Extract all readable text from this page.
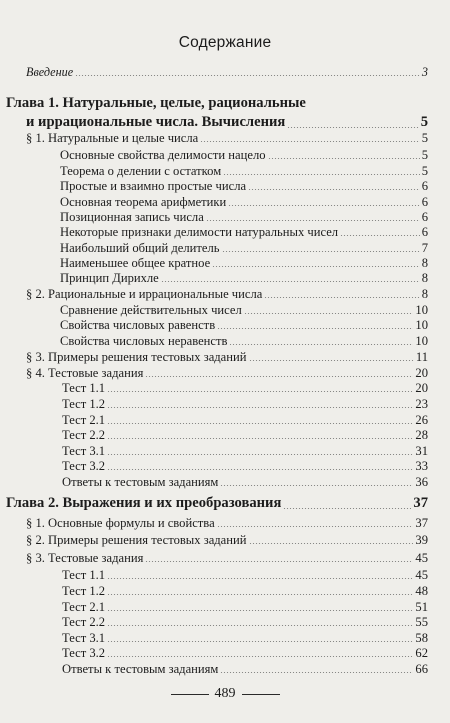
Содержание
Введение	3
Глава 1. Натуральные, целые, рациональные
и иррациональные числа. Вычисления	5
§ 1. Натуральные и целые числа	5
Основные свойства делимости нацело	5
Теорема о делении с остатком	5
Простые и взаимно простые числа	6
Основная теорема арифметики	6
Позиционная запись числа	6
Некоторые признаки делимости натуральных чисел	6
Наибольший общий делитель	7
Наименьшее общее кратное	8
Принцип Дирихле	8
§ 2. Рациональные и иррациональные числа	8
Сравнение действительных чисел	10
Свойства числовых равенств	10
Свойства числовых неравенств	10
§ 3. Примеры решения тестовых заданий	11
§ 4. Тестовые задания	20
Тест 1.1	20
Тест 1.2	23
Тест 2.1	26
Тест 2.2	28
Тест 3.1	31
Тест 3.2	33
Ответы к тестовым заданиям	36
Глава 2. Выражения и их преобразования	37
§ 1. Основные формулы и свойства	37
§ 2. Примеры решения тестовых заданий	39
§ 3. Тестовые задания	45
Тест 1.1	45
Тест 1.2	48
Тест 2.1	51
Тест 2.2	55
Тест 3.1	58
Тест 3.2	62
Ответы к тестовым заданиям	66
489
